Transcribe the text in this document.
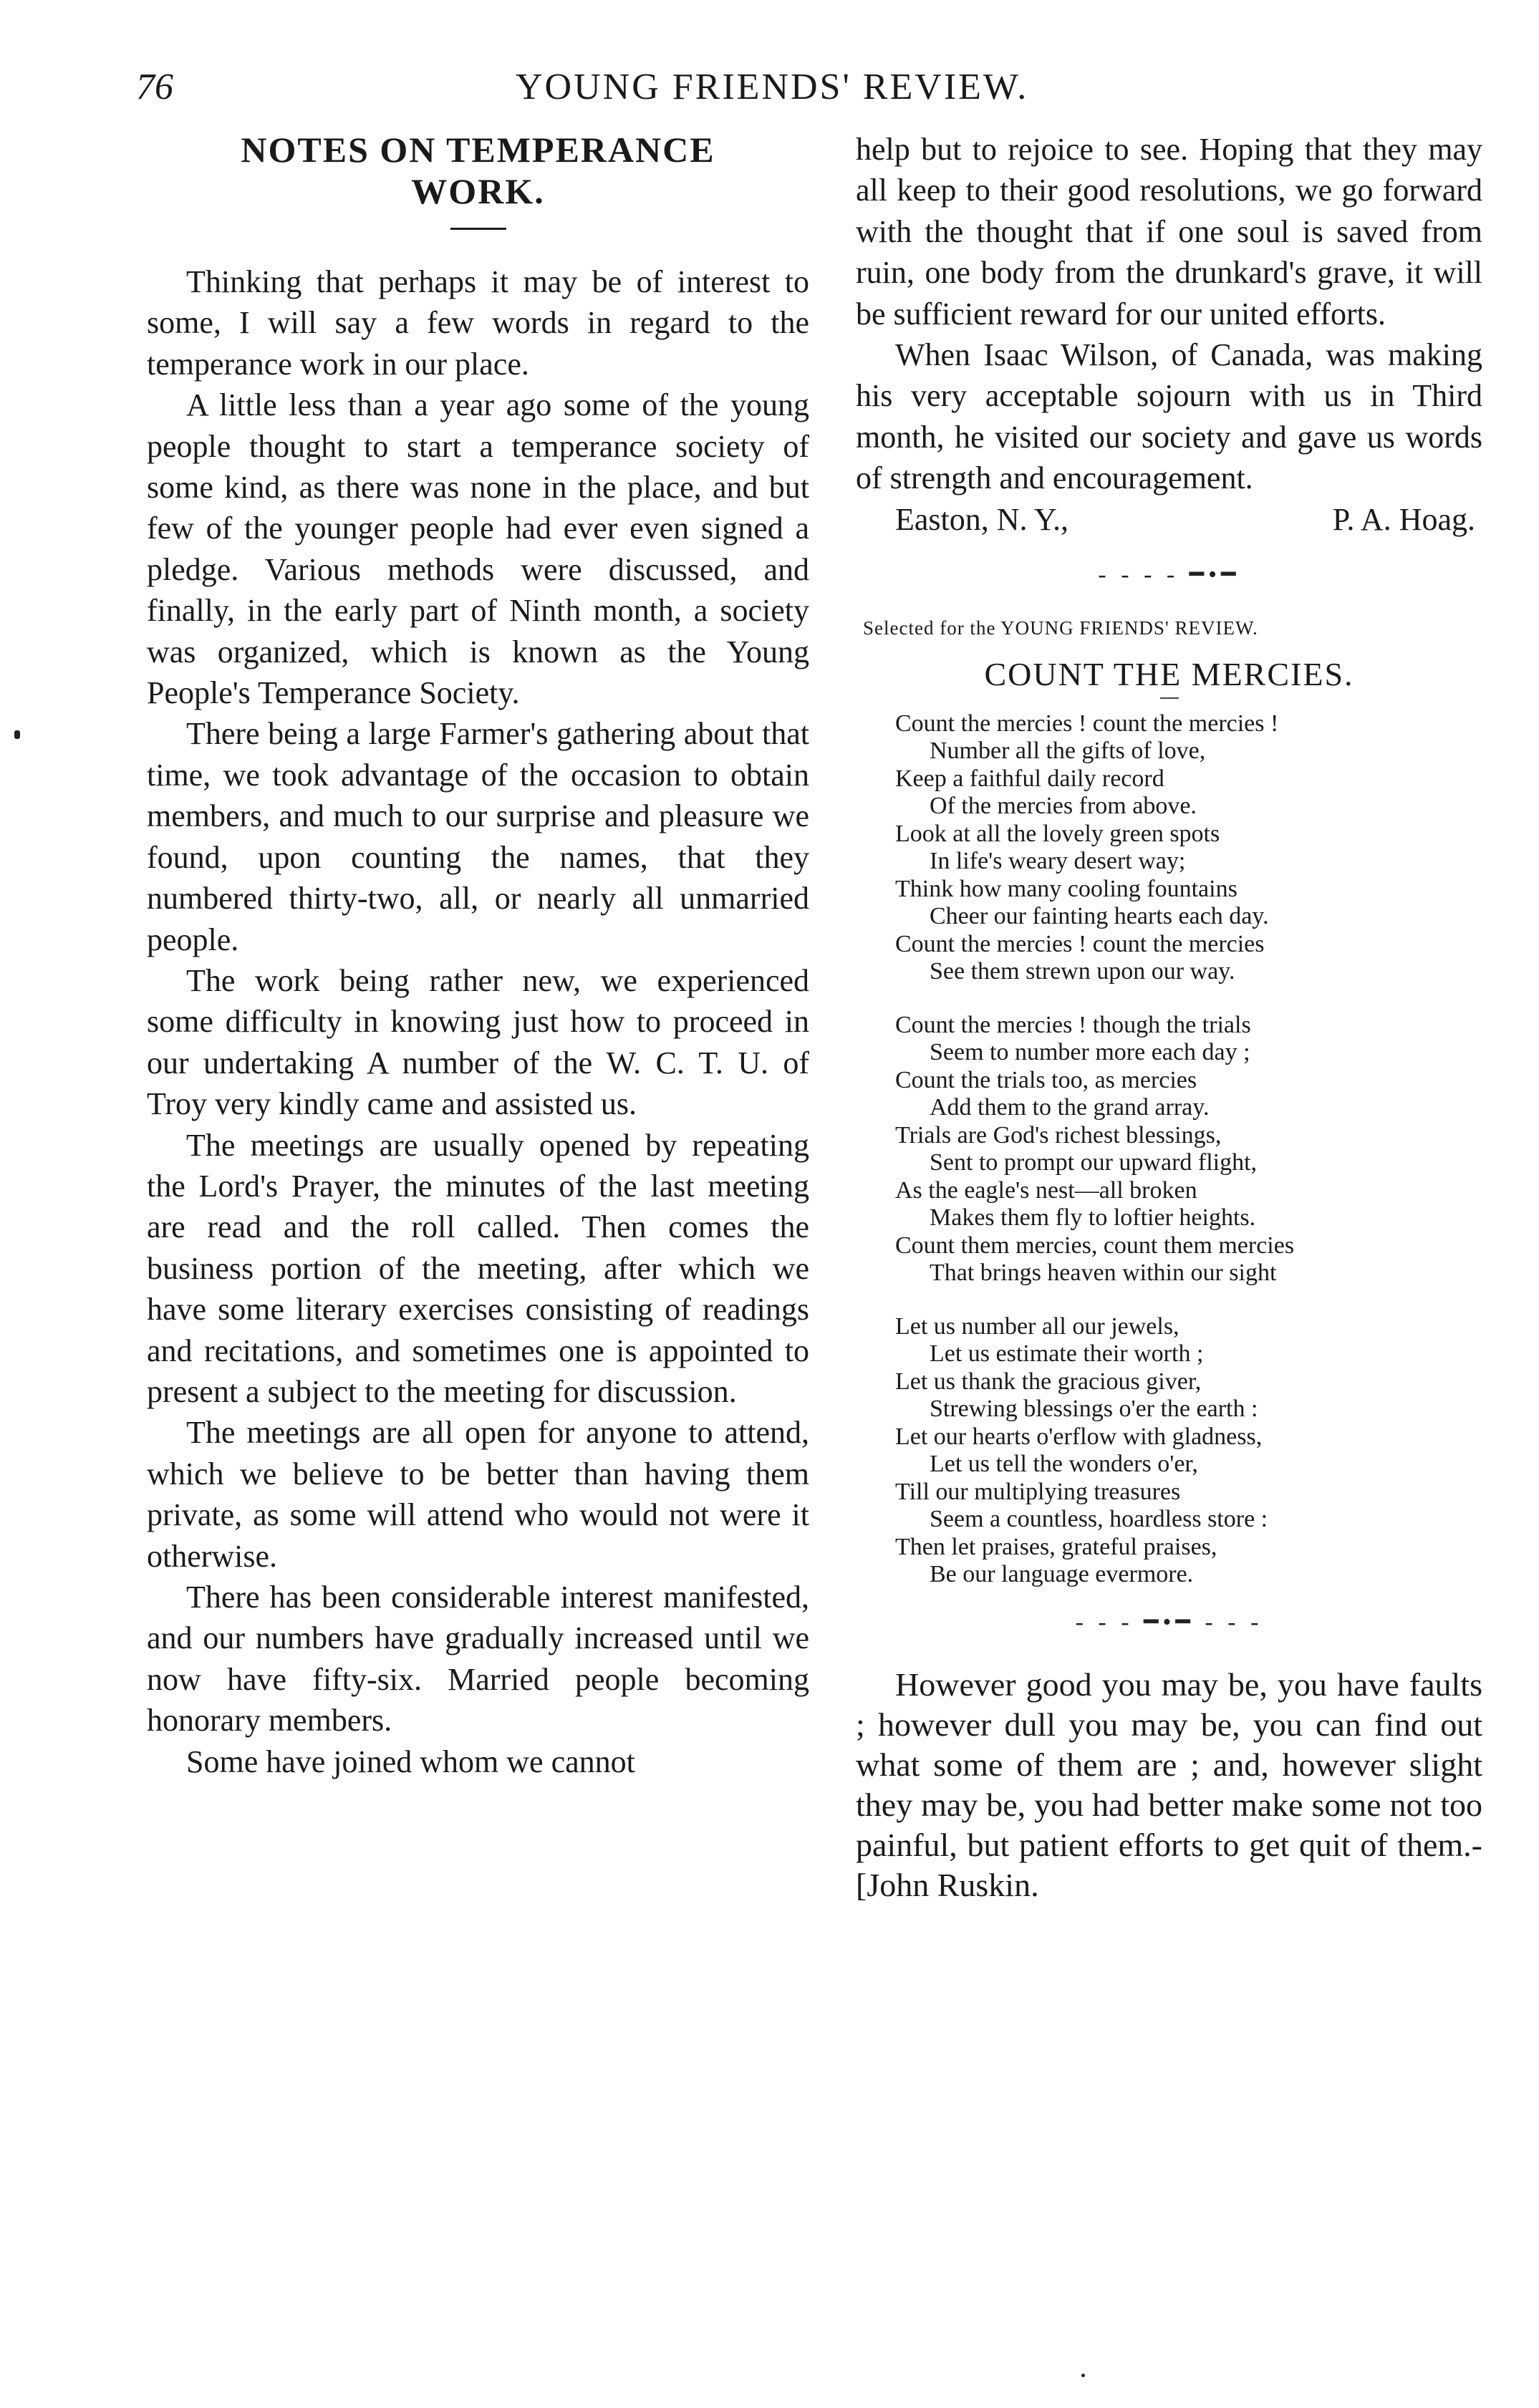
76	YOUNG FRIENDS' REVIEW.
NOTES ON TEMPERANCE
WORK.

Thinking that perhaps it may be of interest to some, I will say a few words in regard to the temperance work in our place.

A little less than a year ago some of the young people thought to start a temperance society of some kind, as there was none in the place, and but few of the younger people had ever even signed a pledge. Various methods were discussed, and finally, in the early part of Ninth month, a society was organized, which is known as the Young People's Temperance Society.

There being a large Farmer's gathering about that time, we took advantage of the occasion to obtain members, and much to our surprise and pleasure we found, upon counting the names, that they numbered thirty-two, all, or nearly all unmarried people.

The work being rather new, we experienced some difficulty in knowing just how to proceed in our undertaking A number of the W. C. T. U. of Troy very kindly came and assisted us.

The meetings are usually opened by repeating the Lord's Prayer, the minutes of the last meeting are read and the roll called. Then comes the business portion of the meeting, after which we have some literary exercises consisting of readings and recitations, and sometimes one is appointed to present a subject to the meeting for discussion.

The meetings are all open for anyone to attend, which we believe to be better than having them private, as some will attend who would not were it otherwise.

There has been considerable interest manifested, and our numbers have gradually increased until we now have fifty-six. Married people becoming honorary members.

Some have joined whom we cannot

help but to rejoice to see. Hoping that they may all keep to their good resolutions, we go forward with the thought that if one soul is saved from ruin, one body from the drunkard's grave, it will be sufficient reward for our united efforts.

When Isaac Wilson, of Canada, was making his very acceptable sojourn with us in Third month, he visited our society and gave us words of strength and encouragement.

Easton, N. Y.,	P. A. Hoag.
- - - - ━•━
Selected for the YOUNG FRIENDS' REVIEW.
COUNT THE MERCIES.
Count the mercies ! count the mercies !
Number all the gifts of love,
Keep a faithful daily record
Of the mercies from above.
Look at all the lovely green spots
In life's weary desert way;
Think how many cooling fountains
Cheer our fainting hearts each day.
Count the mercies ! count the mercies
See them strewn upon our way.
Count the mercies ! though the trials
Seem to number more each day ;
Count the trials too, as mercies
Add them to the grand array.
Trials are God's richest blessings,
Sent to prompt our upward flight,
As the eagle's nest—all broken
Makes them fly to loftier heights.
Count them mercies, count them mercies
That brings heaven within our sight
Let us number all our jewels,
Let us estimate their worth ;
Let us thank the gracious giver,
Strewing blessings o'er the earth :
Let our hearts o'erflow with gladness,
Let us tell the wonders o'er,
Till our multiplying treasures
Seem a countless, hoardless store :
Then let praises, grateful praises,
Be our language evermore.
- - - ━•━ - - -

However good you may be, you have faults ; however dull you may be, you can find out what some of them are ; and, however slight they may be, you had better make some not too painful, but patient efforts to get quit of them.- [John Ruskin.
